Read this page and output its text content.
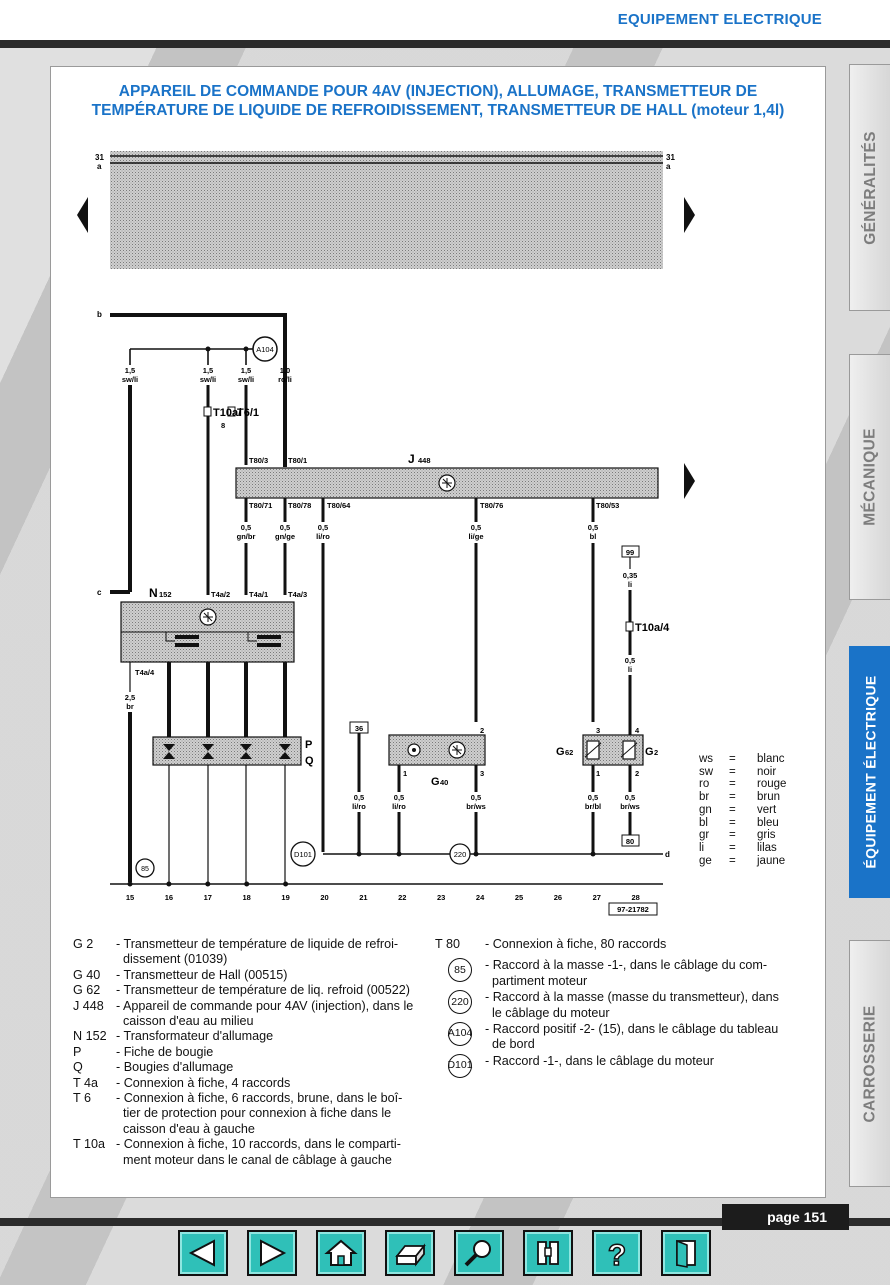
EQUIPEMENT ELECTRIQUE
APPAREIL DE COMMANDE POUR 4AV (INJECTION), ALLUMAGE, TRANSMETTEUR DE
TEMPÉRATURE DE LIQUIDE DE REFROIDISSEMENT, TRANSMETTEUR DE HALL (moteur 1,4l)
31
a
31
a
b
A104
1,5
sw/li
1,5
sw/li
1,5
sw/li
1,0
ro/li
c
T10a/
8
T6/1
T80/3	T80/1	J 448
T80/71 T80/78 T80/64	T80/76	T80/53
0,5
gn/br
0,5
gn/ge
0,5
li/ro
0,5
li/ge
0,5
bl
N 152	T4a/2	T4a/1	T4a/3
T4a/4
2,5
br
P
Q
85
36
0,5
li/ro
G 40
2
1	3
0,5
li/ro
0,5
br/ws
D101	220	d
99
0,35
li
T10a/4
0,5
li
G 62	G 2
3
1
4
2
0,5
br/bl
0,5
br/ws
80
15	16	17	18	19	20	21	22	23	24	25	26	27	28
97-21782
ws	=	blanc
sw	=	noir
ro	=	rouge
br	=	brun
gn	=	vert
bl	=	bleu
gr	=	gris
li	=	lilas
ge	=	jaune
G 2	- Transmetteur de température de liquide de refroi-
dissement (01039)
G 40	- Transmetteur de Hall (00515)
G 62	- Transmetteur de température de liq. refroid (00522)
J 448 - Appareil de commande pour 4AV (injection), dans le
caisson d'eau au milieu
N 152 - Transformateur d'allumage
P	- Fiche de bougie
Q	- Bougies d'allumage
T 4a	- Connexion à fiche, 4 raccords
T 6	- Connexion à fiche, 6 raccords, brune, dans le boî-
tier de protection pour connexion à fiche dans le
caisson d'eau à gauche
T 10a - Connexion à fiche, 10 raccords, dans le comparti-
ment moteur dans le canal de câblage à gauche
T 80	- Connexion à fiche, 80 raccords
85	- Raccord à la masse -1-, dans le câblage du com-
partiment moteur
220 - Raccord à la masse (masse du transmetteur), dans
le câblage du moteur
A104 - Raccord positif -2- (15), dans le câblage du tableau
de bord
D101 - Raccord -1-, dans le câblage du moteur
GÉNÉRALITÉS
MÉCANIQUE
ÉQUIPEMENT ÉLECTRIQUE
CARROSSERIE
page 151
?
